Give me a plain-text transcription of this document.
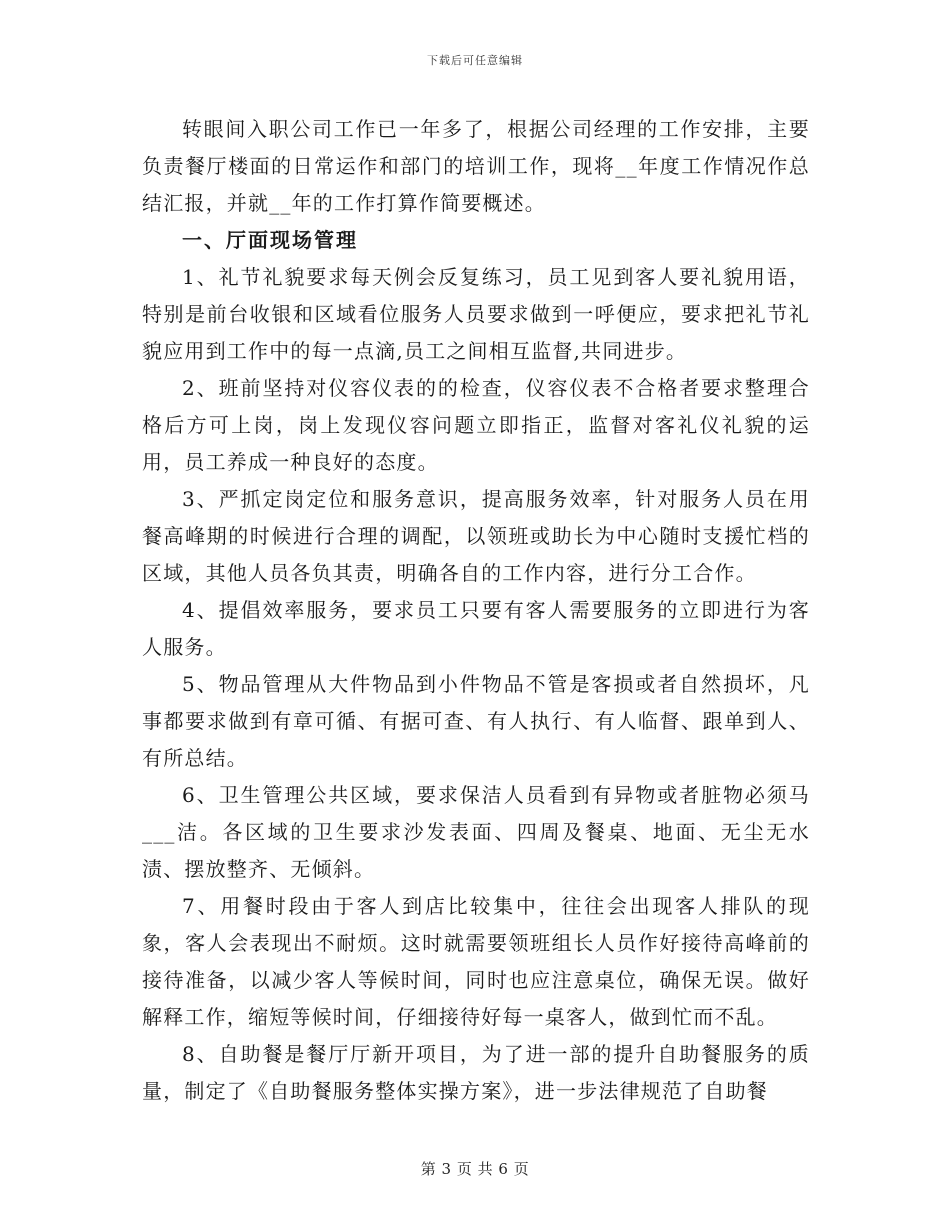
下载后可任意编辑

转眼间入职公司工作已一年多了，根据公司经理的工作安排，主要负责餐厅楼面的日常运作和部门的培训工作，现将__年度工作情况作总结汇报，并就__年的工作打算作简要概述。

一、厅面现场管理

1、礼节礼貌要求每天例会反复练习，员工见到客人要礼貌用语，特别是前台收银和区域看位服务人员要求做到一呼便应，要求把礼节礼貌应用到工作中的每一点滴,员工之间相互监督,共同进步。

2、班前坚持对仪容仪表的的检查，仪容仪表不合格者要求整理合格后方可上岗，岗上发现仪容问题立即指正，监督对客礼仪礼貌的运用，员工养成一种良好的态度。

3、严抓定岗定位和服务意识，提高服务效率，针对服务人员在用餐高峰期的时候进行合理的调配，以领班或助长为中心随时支援忙档的区域，其他人员各负其责，明确各自的工作内容，进行分工合作。

4、提倡效率服务，要求员工只要有客人需要服务的立即进行为客人服务。

5、物品管理从大件物品到小件物品不管是客损或者自然损坏，凡事都要求做到有章可循、有据可查、有人执行、有人临督、跟单到人、有所总结。

6、卫生管理公共区域，要求保洁人员看到有异物或者脏物必须马___洁。各区域的卫生要求沙发表面、四周及餐桌、地面、无尘无水渍、摆放整齐、无倾斜。

7、用餐时段由于客人到店比较集中，往往会出现客人排队的现象，客人会表现出不耐烦。这时就需要领班组长人员作好接待高峰前的接待准备，以减少客人等候时间，同时也应注意桌位，确保无误。做好解释工作，缩短等候时间，仔细接待好每一桌客人，做到忙而不乱。

8、自助餐是餐厅厅新开项目，为了进一部的提升自助餐服务的质量，制定了《自助餐服务整体实操方案》，进一步法律规范了自助餐

第 3 页 共 6 页
